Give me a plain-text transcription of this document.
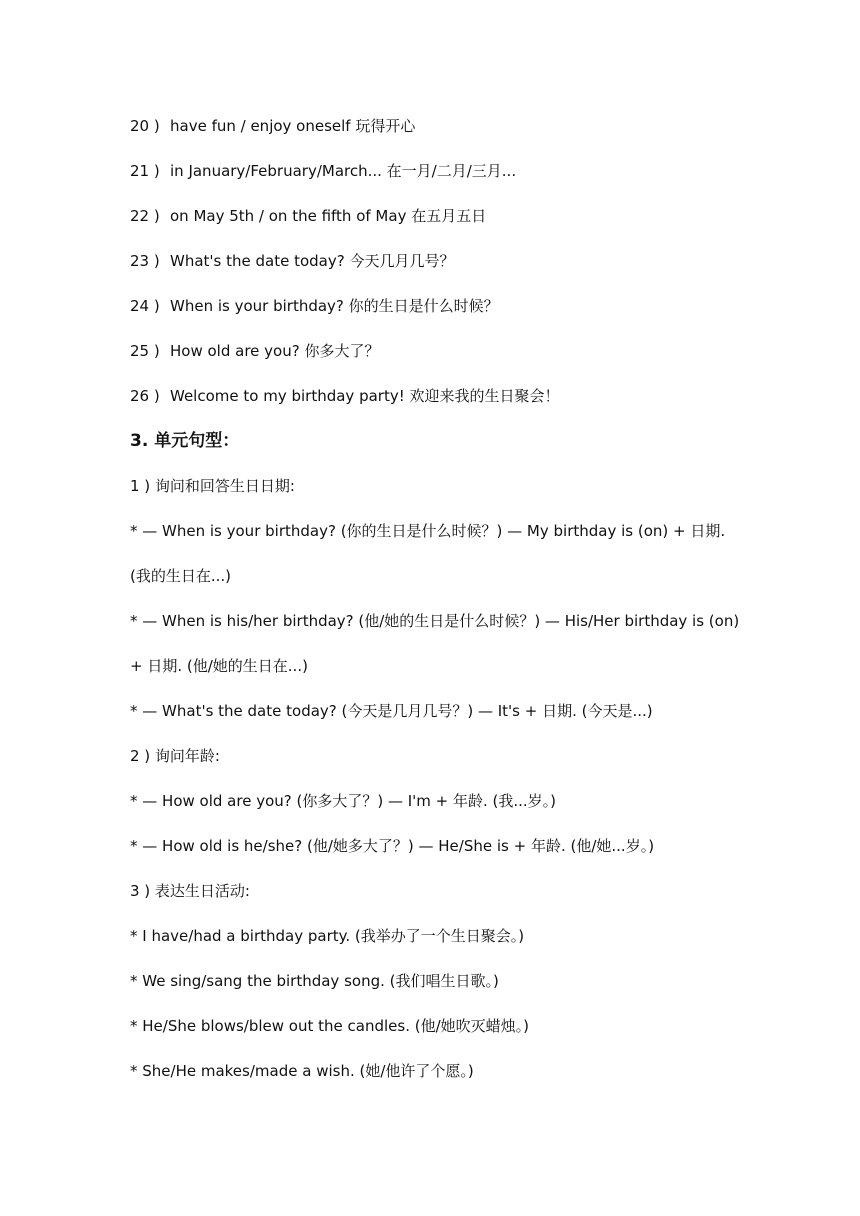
20 ) have fun / enjoy oneself 玩得开心
21 ) in January/February/March... 在一月/二月/三月...
22 ) on May 5th / on the fifth of May 在五月五日
23 ) What's the date today? 今天几月几号？
24 ) When is your birthday? 你的生日是什么时候？
25 ) How old are you? 你多大了？
26 ) Welcome to my birthday party! 欢迎来我的生日聚会！
3. 单元句型：
1 ) 询问和回答生日日期:
* — When is your birthday? (你的生日是什么时候？) — My birthday is (on) + 日期.
(我的生日在...)
* — When is his/her birthday? (他/她的生日是什么时候？) — His/Her birthday is (on)
+ 日期. (他/她的生日在...)
* — What's the date today? (今天是几月几号？) — It's + 日期. (今天是...)
2 ) 询问年龄:
* — How old are you? (你多大了？) — I'm + 年龄. (我...岁。)
* — How old is he/she? (他/她多大了？) — He/She is + 年龄. (他/她...岁。)
3 ) 表达生日活动:
* I have/had a birthday party. (我举办了一个生日聚会。)
* We sing/sang the birthday song. (我们唱生日歌。)
* He/She blows/blew out the candles. (他/她吹灭蜡烛。)
* She/He makes/made a wish. (她/他许了个愿。)
